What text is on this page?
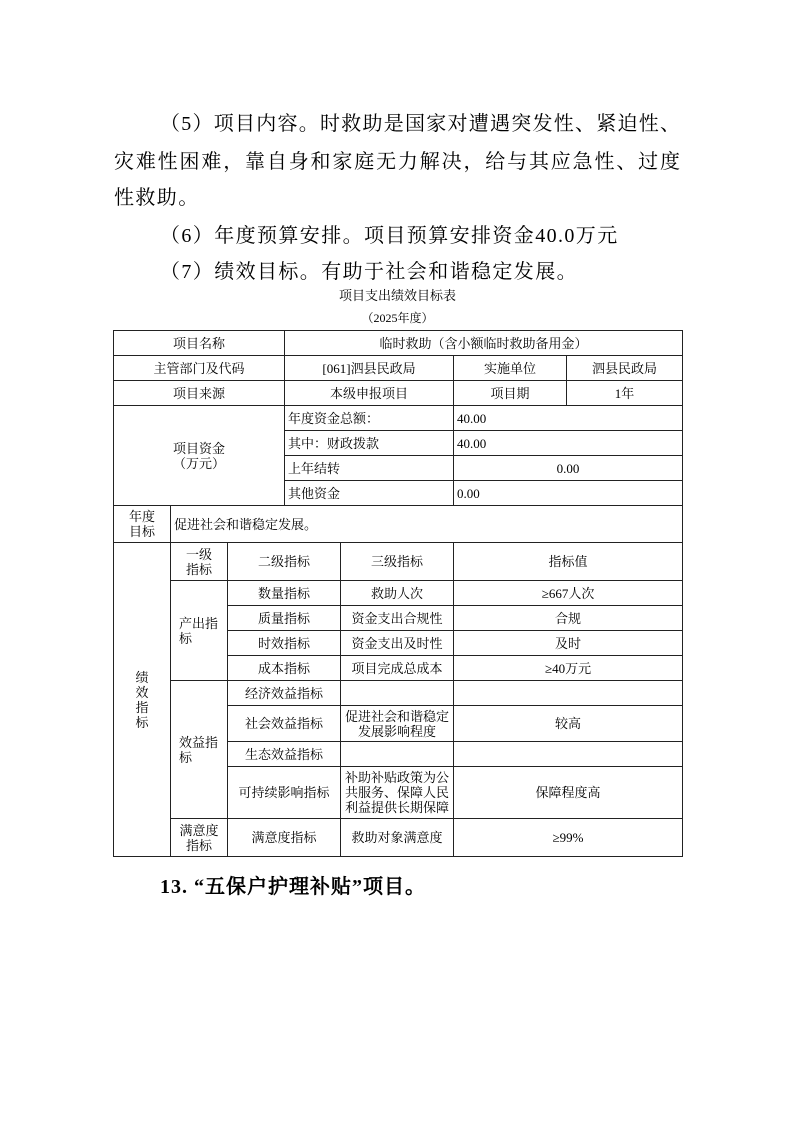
（5）项目内容。时救助是国家对遭遇突发性、紧迫性、
灾难性困难，靠自身和家庭无力解决，给与其应急性、过度
性救助。
（6）年度预算安排。项目预算安排资金40.0万元
（7）绩效目标。有助于社会和谐稳定发展。
项目支出绩效目标表
（2025年度）
项目名称			临时救助（含小额临时救助备用金）			
主管部门及代码			[061]泗县民政局		实施单位	泗县民政局
项目来源			本级申报项目		项目期	1年
项目资金（万元）			年度资金总额：		40.00	
			其中：财政拨款		40.00	
			上年结转		0.00	
			其他资金		0.00	
年度目标	促进社会和谐稳定发展。					
绩效指标	一级指标	二级指标		三级指标	指标值	
	产出指标	数量指标		救助人次	≥667人次	
		质量指标		资金支出合规性	合规	
		时效指标		资金支出及时性	及时	
		成本指标		项目完成总成本	≥40万元	
	效益指标	经济效益指标				
		社会效益指标		促进社会和谐稳定发展影响程度	较高	
		生态效益指标				
		可持续影响指标		补助补贴政策为公共服务、保障人民利益提供长期保障	保障程度高	
	满意度指标	满意度指标		救助对象满意度	≥99%	
13. “五保户护理补贴”项目。
